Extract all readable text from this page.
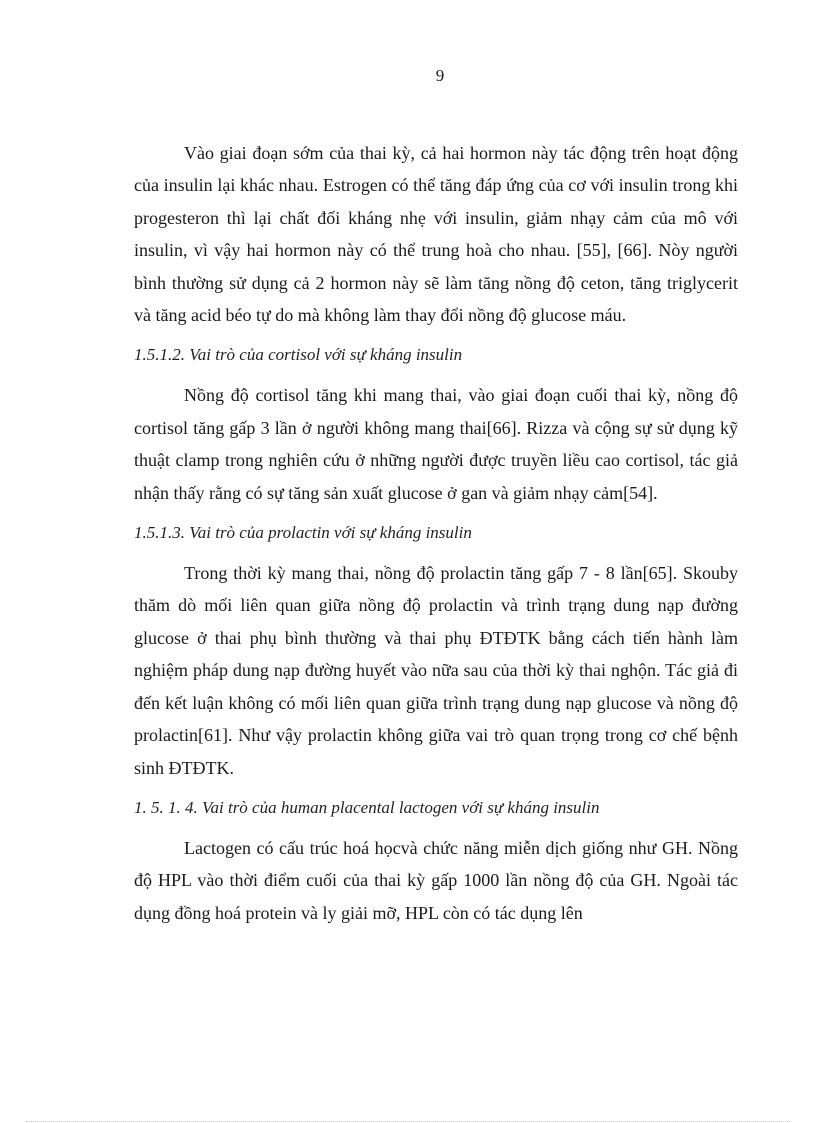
9

Vào giai đoạn sớm của thai kỳ, cả hai hormon này tác động trên hoạt động của insulin lại khác nhau. Estrogen có thể tăng đáp ứng của cơ với insulin trong khi progesteron thì lại chất đối kháng nhẹ với insulin, giảm nhạy cảm của mô với insulin, vì vậy hai hormon này có thể trung hoà cho nhau. [55], [66]. Nòy người bình thường sử dụng cả 2 hormon này sẽ làm tăng nồng độ ceton, tăng triglycerit và tăng acid béo tự do mà không làm thay đổi nồng độ glucose máu.

1.5.1.2. Vai trò của cortisol với sự kháng insulin

Nồng độ cortisol tăng khi mang thai, vào giai đoạn cuối thai kỳ, nồng độ cortisol tăng gấp 3 lần ở người không mang thai[66]. Rizza và cộng sự sử dụng kỹ thuật clamp trong nghiên cứu ở những người được truyền liều cao cortisol, tác giả nhận thấy rằng có sự tăng sản xuất glucose ở gan và giảm nhạy cảm[54].

1.5.1.3. Vai trò của prolactin với sự kháng insulin

Trong thời kỳ mang thai, nồng độ prolactin tăng gấp 7 - 8 lần[65]. Skouby thăm dò mối liên quan giữa nồng độ prolactin và trình trạng dung nạp đường glucose ở thai phụ bình thường và thai phụ ĐTĐTK bằng cách tiến hành làm nghiệm pháp dung nạp đường huyết vào nữa sau của thời kỳ thai nghộn. Tác giả đi đến kết luận không có mối liên quan giữa trình trạng dung nạp glucose và nồng độ prolactin[61]. Như vậy prolactin không giữa vai trò quan trọng trong cơ chế bệnh sinh ĐTĐTK.

1. 5. 1. 4. Vai trò của human placental lactogen với sự kháng insulin

Lactogen có cấu trúc hoá họcvà chức năng miễn dịch giống như GH. Nồng độ HPL vào thời điểm cuối của thai kỳ gấp 1000 lần nồng độ của GH. Ngoài tác dụng đồng hoá protein và ly giải mỡ, HPL còn có tác dụng lên
